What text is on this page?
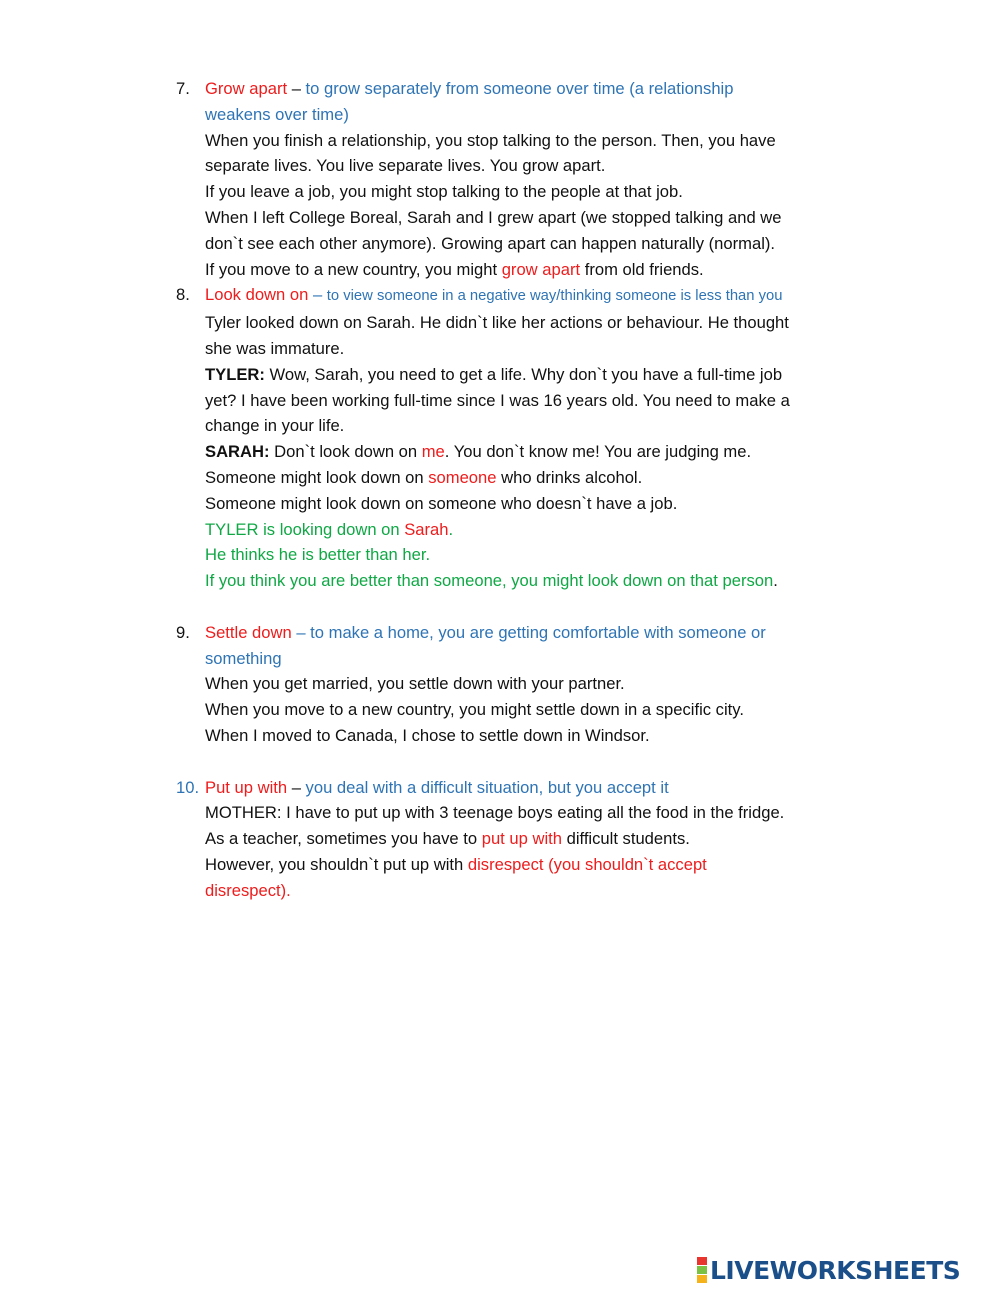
7. Grow apart – to grow separately from someone over time (a relationship
weakens over time)
When you finish a relationship, you stop talking to the person. Then, you have
separate lives. You live separate lives. You grow apart.
If you leave a job, you might stop talking to the people at that job.
When I left College Boreal, Sarah and I grew apart (we stopped talking and we
don`t see each other anymore). Growing apart can happen naturally (normal).
If you move to a new country, you might grow apart from old friends.
8. Look down on – to view someone in a negative way/thinking someone is less than you
Tyler looked down on Sarah. He didn`t like her actions or behaviour. He thought
she was immature.
TYLER: Wow, Sarah, you need to get a life. Why don`t you have a full-time job
yet? I have been working full-time since I was 16 years old. You need to make a
change in your life.
SARAH: Don`t look down on me. You don`t know me! You are judging me.
Someone might look down on someone who drinks alcohol.
Someone might look down on someone who doesn`t have a job.
TYLER is looking down on Sarah.
He thinks he is better than her.
If you think you are better than someone, you might look down on that person.
9. Settle down – to make a home, you are getting comfortable with someone or
something
When you get married, you settle down with your partner.
When you move to a new country, you might settle down in a specific city.
When I moved to Canada, I chose to settle down in Windsor.
10. Put up with – you deal with a difficult situation, but you accept it
MOTHER: I have to put up with 3 teenage boys eating all the food in the fridge.
As a teacher, sometimes you have to put up with difficult students.
However, you shouldn`t put up with disrespect (you shouldn`t accept
disrespect).
LIVEWORKSHEETS
